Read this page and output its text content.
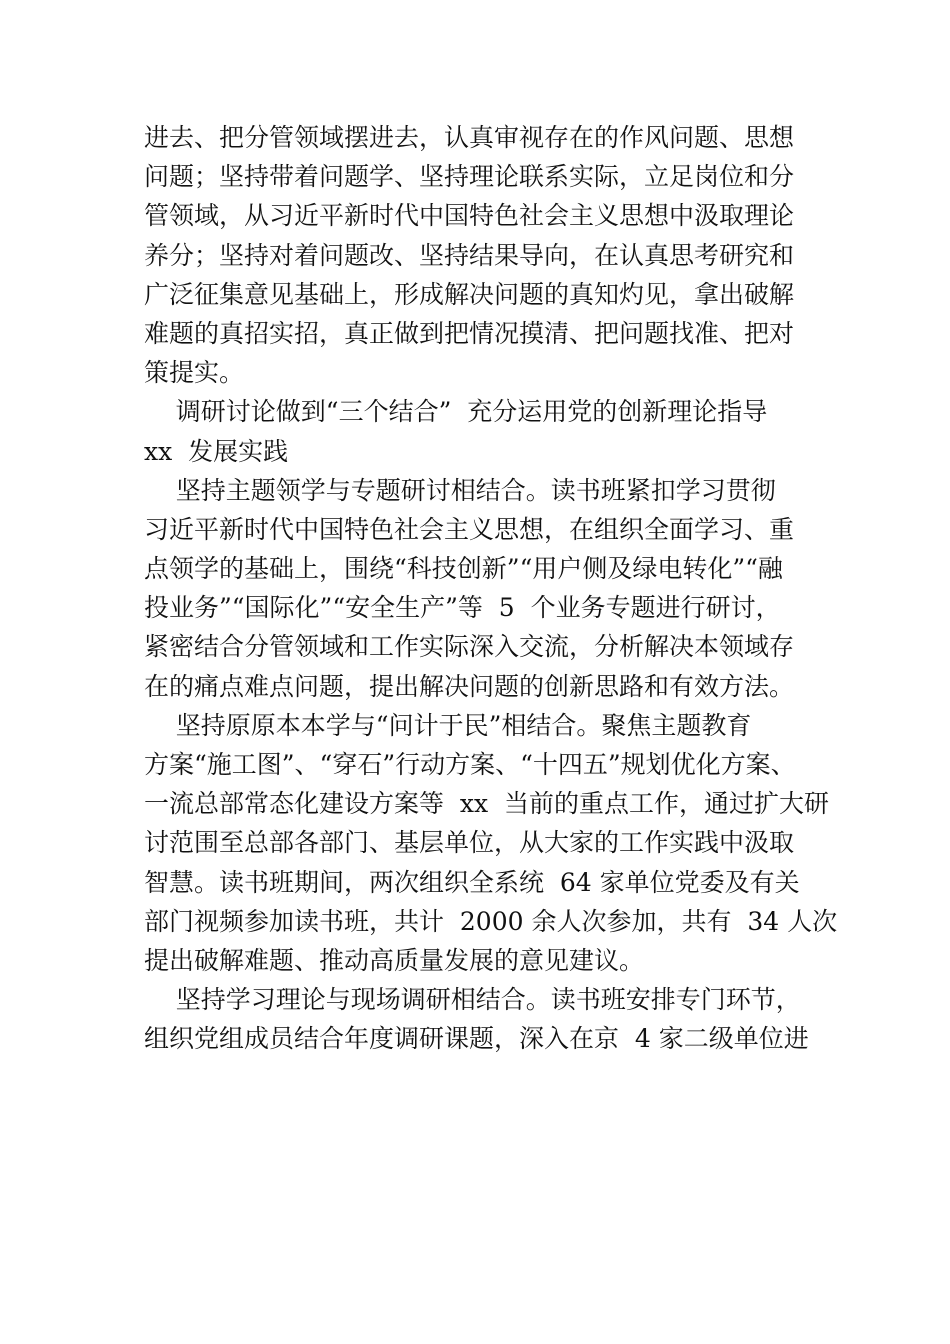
进去、把分管领域摆进去，认真审视存在的作风问题、思想
问题；坚持带着问题学、坚持理论联系实际，立足岗位和分
管领域，从习近平新时代中国特色社会主义思想中汲取理论
养分；坚持对着问题改、坚持结果导向，在认真思考研究和
广泛征集意见基础上，形成解决问题的真知灼见，拿出破解
难题的真招实招，真正做到把情况摸清、把问题找准、把对
策提实。
调研讨论做到“三个结合”  充分运用党的创新理论指导
xx  发展实践
坚持主题领学与专题研讨相结合。读书班紧扣学习贯彻
习近平新时代中国特色社会主义思想，在组织全面学习、重
点领学的基础上，围绕“科技创新”“用户侧及绿电转化”“融
投业务”“国际化”“安全生产”等  5  个业务专题进行研讨，
紧密结合分管领域和工作实际深入交流，分析解决本领域存
在的痛点难点问题，提出解决问题的创新思路和有效方法。
坚持原原本本学与“问计于民”相结合。聚焦主题教育
方案“施工图”、“穿石”行动方案、“十四五”规划优化方案、
一流总部常态化建设方案等  xx  当前的重点工作，通过扩大研
讨范围至总部各部门、基层单位，从大家的工作实践中汲取
智慧。读书班期间，两次组织全系统  64 家单位党委及有关
部门视频参加读书班，共计  2000 余人次参加，共有  34 人次
提出破解难题、推动高质量发展的意见建议。
坚持学习理论与现场调研相结合。读书班安排专门环节，
组织党组成员结合年度调研课题，深入在京  4 家二级单位进
